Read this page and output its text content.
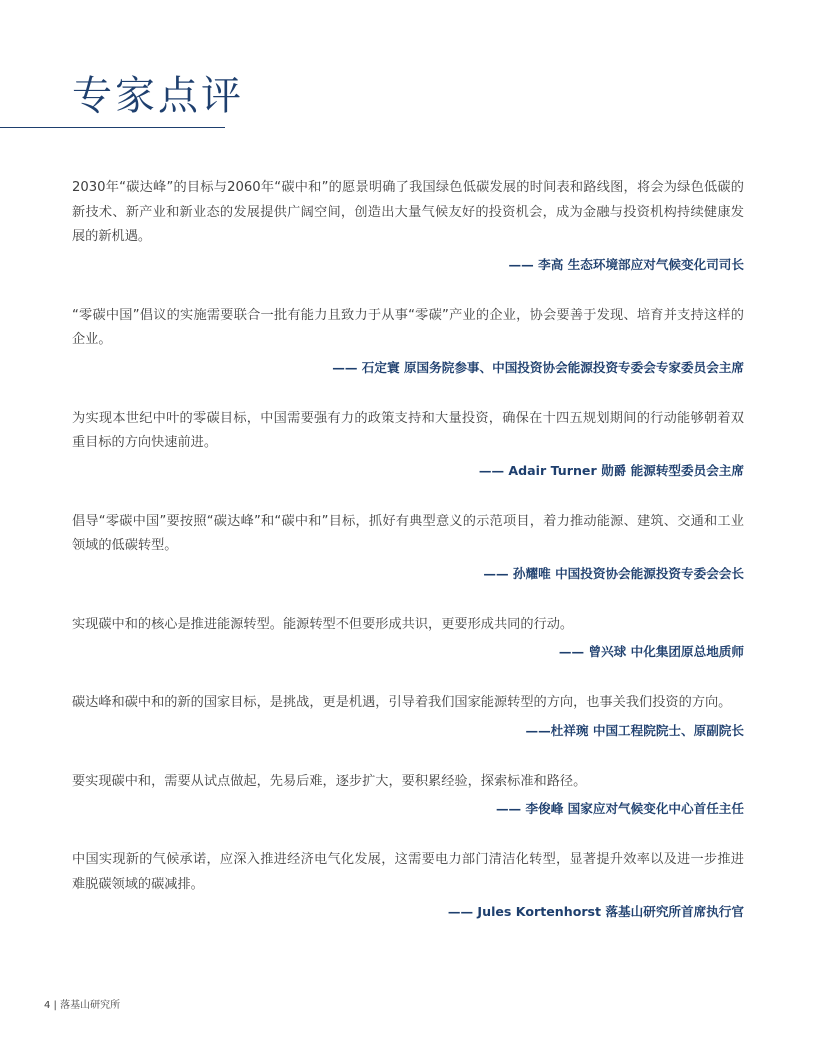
专家点评

2030年“碳达峰”的目标与2060年“碳中和”的愿景明确了我国绿色低碳发展的时间表和路线图，将会为绿色低碳的新技术、新产业和新业态的发展提供广阔空间，创造出大量气候友好的投资机会，成为金融与投资机构持续健康发展的新机遇。

—— 李高 生态环境部应对气候变化司司长

“零碳中国”倡议的实施需要联合一批有能力且致力于从事“零碳”产业的企业，协会要善于发现、培育并支持这样的企业。

—— 石定寰 原国务院参事、中国投资协会能源投资专委会专家委员会主席

为实现本世纪中叶的零碳目标，中国需要强有力的政策支持和大量投资，确保在十四五规划期间的行动能够朝着双重目标的方向快速前进。

—— Adair Turner 勋爵 能源转型委员会主席

倡导“零碳中国”要按照“碳达峰”和“碳中和”目标，抓好有典型意义的示范项目，着力推动能源、建筑、交通和工业领域的低碳转型。

—— 孙耀唯 中国投资协会能源投资专委会会长

实现碳中和的核心是推进能源转型。能源转型不但要形成共识，更要形成共同的行动。

—— 曾兴球 中化集团原总地质师

碳达峰和碳中和的新的国家目标，是挑战，更是机遇，引导着我们国家能源转型的方向，也事关我们投资的方向。

——杜祥琬 中国工程院院士、原副院长

要实现碳中和，需要从试点做起，先易后难，逐步扩大，要积累经验，探索标准和路径。

—— 李俊峰 国家应对气候变化中心首任主任

中国实现新的气候承诺，应深入推进经济电气化发展，这需要电力部门清洁化转型，显著提升效率以及进一步推进难脱碳领域的碳减排。

—— Jules Kortenhorst 落基山研究所首席执行官
4 | 落基山研究所
